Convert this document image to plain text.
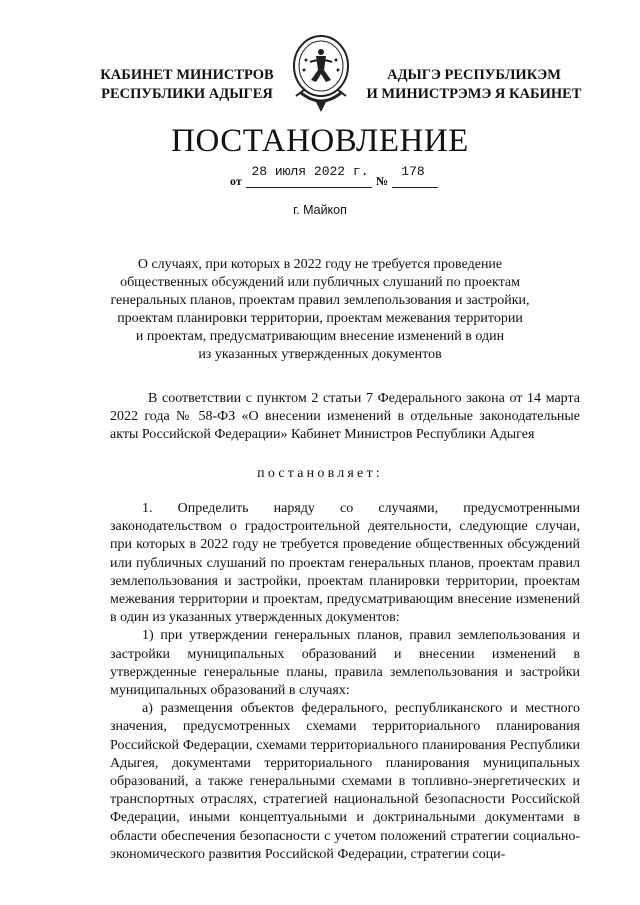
КАБИНЕТ МИНИСТРОВ
РЕСПУБЛИКИ АДЫГЕЯ
АДЫГЭ РЕСПУБЛИКЭМ
И МИНИСТРЭМЭ Я КАБИНЕТ
ПОСТАНОВЛЕНИЕ
от
28 июля 2022 г.
№
178
г. Майкоп
О случаях, при которых в 2022 году не требуется проведение
общественных обсуждений или публичных слушаний по проектам
генеральных планов, проектам правил землепользования и застройки,
проектам планировки территории, проектам межевания территории
и проектам, предусматривающим внесение изменений в один
из указанных утвержденных документов
В соответствии с пунктом 2 статьи 7 Федерального закона от 14 марта 2022 года № 58-ФЗ «О внесении изменений в отдельные законодательные акты Российской Федерации» Кабинет Министров Республики Адыгея
постановляет:
1. Определить наряду со случаями, предусмотренными законодательством о градостроительной деятельности, следующие случаи, при которых в 2022 году не требуется проведение общественных обсуждений или публичных слушаний по проектам генеральных планов, проектам правил землепользования и застройки, проектам планировки территории, проектам межевания территории и проектам, предусматривающим внесение изменений в один из указанных утвержденных документов:
1) при утверждении генеральных планов, правил землепользования и застройки муниципальных образований и внесении изменений в утвержденные генеральные планы, правила землепользования и застройки муниципальных образований в случаях:
а) размещения объектов федерального, республиканского и местного значения, предусмотренных схемами территориального планирования Российской Федерации, схемами территориального планирования Республики Адыгея, документами территориального планирования муниципальных образований, а также генеральными схемами в топливно-энергетических и транспортных отраслях, стратегией национальной безопасности Российской Федерации, иными концептуальными и доктринальными документами в области обеспечения безопасности с учетом положений стратегии социально-экономического развития Российской Федерации, стратегии соци-
